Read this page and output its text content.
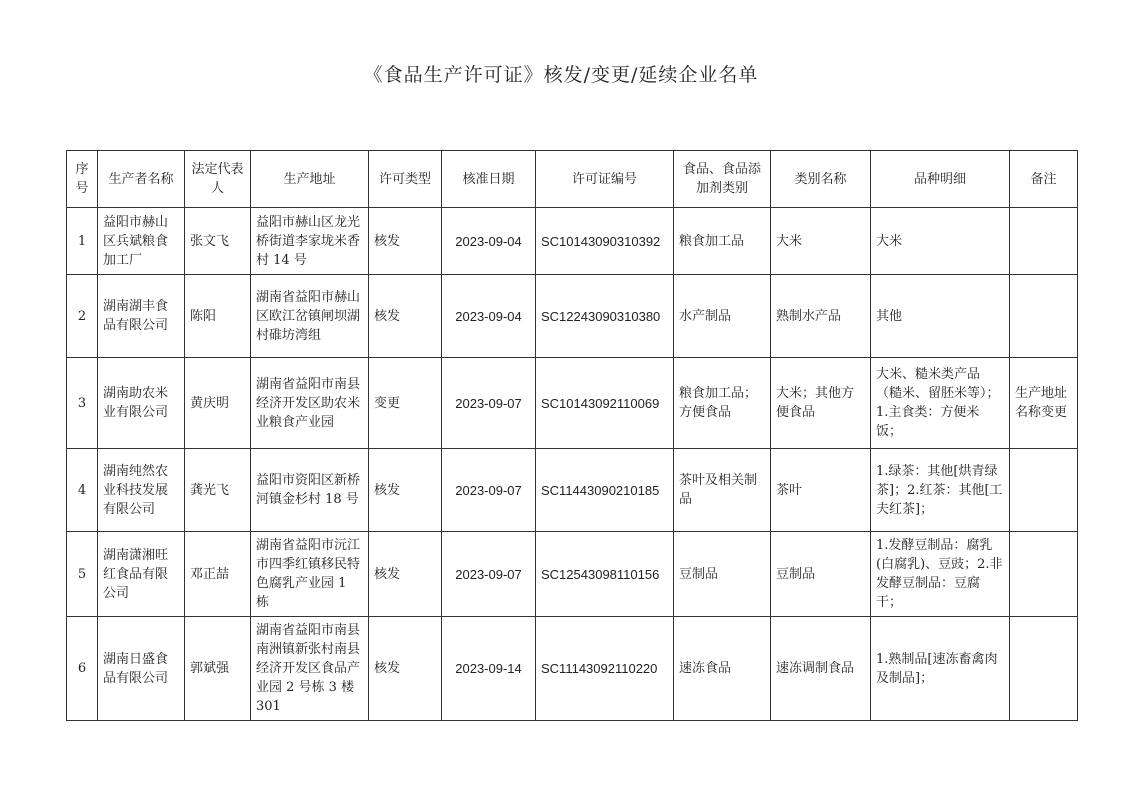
《食品生产许可证》核发/变更/延续企业名单
序号	生产者名称	法定代表人	生产地址	许可类型	核准日期	许可证编号	食品、食品添加剂类别	类别名称	品种明细	备注
1	益阳市赫山区兵斌粮食加工厂	张文飞	益阳市赫山区龙光桥街道李家垅米香村 14 号	核发	2023-09-04	SC10143090310392	粮食加工品	大米	大米	
2	湖南湖丰食品有限公司	陈阳	湖南省益阳市赫山区欧江岔镇闸坝湖村碓坊湾组	核发	2023-09-04	SC12243090310380	水产制品	熟制水产品	其他	
3	湖南助农米业有限公司	黄庆明	湖南省益阳市南县经济开发区助农米业粮食产业园	变更	2023-09-07	SC10143092110069	粮食加工品；方便食品	大米；其他方便食品	大米、糙米类产品（糙米、留胚米等）；1.主食类：方便米饭；	生产地址名称变更
4	湖南纯然农业科技发展有限公司	龚光飞	益阳市资阳区新桥河镇金杉村 18 号	核发	2023-09-07	SC11443090210185	茶叶及相关制品	茶叶	1.绿茶：其他[烘青绿茶]；2.红茶：其他[工夫红茶]；	
5	湖南潇湘旺红食品有限公司	邓正喆	湖南省益阳市沅江市四季红镇移民特色腐乳产业园 1 栋	核发	2023-09-07	SC12543098110156	豆制品	豆制品	1.发酵豆制品：腐乳(白腐乳)、豆豉；2.非发酵豆制品：豆腐干；	
6	湖南日盛食品有限公司	郭斌强	湖南省益阳市南县南洲镇新张村南县经济开发区食品产业园 2 号栋 3 楼 301	核发	2023-09-14	SC11143092110220	速冻食品	速冻调制食品	1.熟制品[速冻畜禽肉及制品]；	
